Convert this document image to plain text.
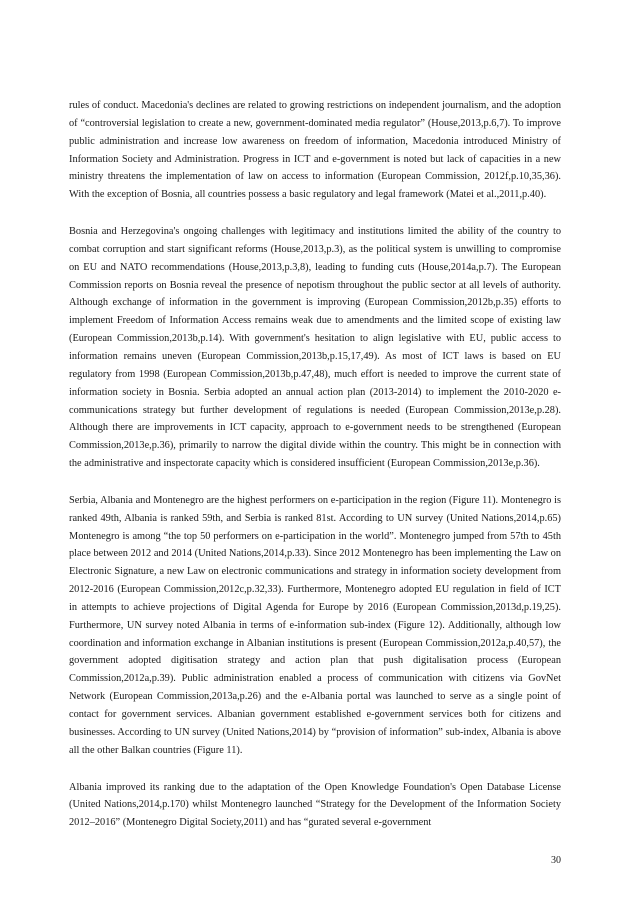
rules of conduct. Macedonia's declines are related to growing restrictions on independent journalism, and the adoption of “controversial legislation to create a new, government-dominated media regulator” (House,2013,p.6,7). To improve public administration and increase low awareness on freedom of information, Macedonia introduced Ministry of Information Society and Administration. Progress in ICT and e-government is noted but lack of capacities in a new ministry threatens the implementation of law on access to information (European Commission, 2012f,p.10,35,36). With the exception of Bosnia, all countries possess a basic regulatory and legal framework (Matei et al.,2011,p.40).

Bosnia and Herzegovina's ongoing challenges with legitimacy and institutions limited the ability of the country to combat corruption and start significant reforms (House,2013,p.3), as the political system is unwilling to compromise on EU and NATO recommendations (House,2013,p.3,8), leading to funding cuts (House,2014a,p.7). The European Commission reports on Bosnia reveal the presence of nepotism throughout the public sector at all levels of authority. Although exchange of information in the government is improving (European Commission,2012b,p.35) efforts to implement Freedom of Information Access remains weak due to amendments and the limited scope of existing law (European Commission,2013b,p.14). With government's hesitation to align legislative with EU, public access to information remains uneven (European Commission,2013b,p.15,17,49). As most of ICT laws is based on EU regulatory from 1998 (European Commission,2013b,p.47,48), much effort is needed to improve the current state of information society in Bosnia. Serbia adopted an annual action plan (2013-2014) to implement the 2010-2020 e-communications strategy but further development of regulations is needed (European Commission,2013e,p.28). Although there are improvements in ICT capacity, approach to e-government needs to be strengthened (European Commission,2013e,p.36), primarily to narrow the digital divide within the country. This might be in connection with the administrative and inspectorate capacity which is considered insufficient (European Commission,2013e,p.36).

Serbia, Albania and Montenegro are the highest performers on e-participation in the region (Figure 11). Montenegro is ranked 49th, Albania is ranked 59th, and Serbia is ranked 81st. According to UN survey (United Nations,2014,p.65) Montenegro is among “the top 50 performers on e-participation in the world”. Montenegro jumped from 57th to 45th place between 2012 and 2014 (United Nations,2014,p.33). Since 2012 Montenegro has been implementing the Law on Electronic Signature, a new Law on electronic communications and strategy in information society development from 2012-2016 (European Commission,2012c,p.32,33). Furthermore, Montenegro adopted EU regulation in field of ICT in attempts to achieve projections of Digital Agenda for Europe by 2016 (European Commission,2013d,p.19,25). Furthermore, UN survey noted Albania in terms of e-information sub-index (Figure 12). Additionally, although low coordination and information exchange in Albanian institutions is present (European Commission,2012a,p.40,57), the government adopted digitisation strategy and action plan that push digitalisation process (European Commission,2012a,p.39). Public administration enabled a process of communication with citizens via GovNet Network (European Commission,2013a,p.26) and the e-Albania portal was launched to serve as a single point of contact for government services. Albanian government established e-government services both for citizens and businesses. According to UN survey (United Nations,2014) by “provision of information” sub-index, Albania is above all the other Balkan countries (Figure 11).

Albania improved its ranking due to the adaptation of the Open Knowledge Foundation's Open Database License (United Nations,2014,p.170) whilst Montenegro launched “Strategy for the Development of the Information Society 2012–2016” (Montenegro Digital Society,2011) and has “gurated several e-government

30
